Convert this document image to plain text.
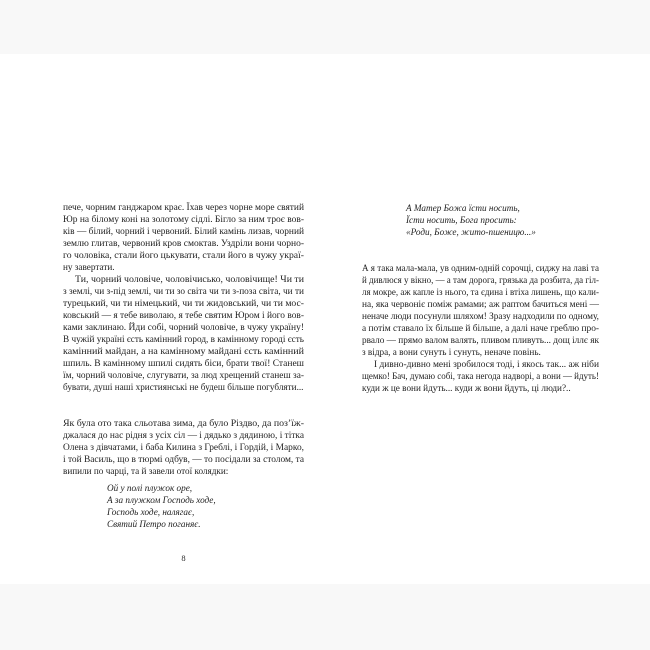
пече, чорним ганджаром крає. Їхав через чорне море святий
Юр на білому коні на золотому сідлі. Бігло за ним троє вов-
ків — білий, чорний і червоний. Білий камінь лизав, чорний
землю глитав, червоний кров смоктав. Уздріли вони чорно-
го чоловіка, стали його цькувати, стали його в чужу украї-
ну завертати.
Ти, чорний чоловіче, чоловічисько, чоловічище! Чи ти
з землі, чи з-під землі, чи ти зо світа чи ти з-поза світа, чи ти
турецький, чи ти німецький, чи ти жидовський, чи ти мос-
ковський — я тебе виволаю, я тебе святим Юром і його вов-
ками заклинаю. Йди собі, чорний чоловіче, в чужу україну!
В чужій україні єсть камінний город, в камінному городі єсть
камінний майдан, а на камінному майдані єсть камінний
шпиль. В камінному шпилі сидять біси, брати твої! Станеш
їм, чорний чоловіче, слугувати, за люд хрещений станеш за-
бувати, душі наші християнські не будеш більше погубляти...
Як була ото така сльотава зима, да було Різдво, да поз’їж-
джалася до нас рідня з усіх сіл — і дядько з дядиною, і тітка
Олена з дівчатами, і баба Килина з Греблі, і Гордій, і Марко,
і той Василь, що в тюрмі одбув, — то посідали за столом, та
випили по чарці, та й завели отої колядки:
Ой у полі плужок оре,
А за плужком Господь ходе,
Господь ходе, налягає,
Святий Петро поганяє.
8
А Матер Божа їсти носить,
Їсти носить, Бога просить:
«Роди, Боже, жито-пшеницю...»
А я така мала-мала, ув одним-одній сорочці, сиджу на лаві та
й дивлюся у вікно, — а там дорога, грязька да розбита, да гіл-
ля мокре, аж капле із нього, та єдина і втіха лишень, що кали-
на, яка червоніє поміж рамами; аж раптом бачиться мені —
неначе люди посунули шляхом! Зразу надходили по одному,
а потім ставало їх більше й більше, а далі наче греблю про-
рвало — прямо валом валять, пливом пливуть... дощ іллє як
з відра, а вони сунуть і сунуть, неначе повінь.
І дивно-дивно мені зробилося тоді, і якось так... аж ніби
щемко! Бач, думаю собі, така негода надворі, а вони — йдуть!
куди ж це вони йдуть... куди ж вони йдуть, ці люди?..
